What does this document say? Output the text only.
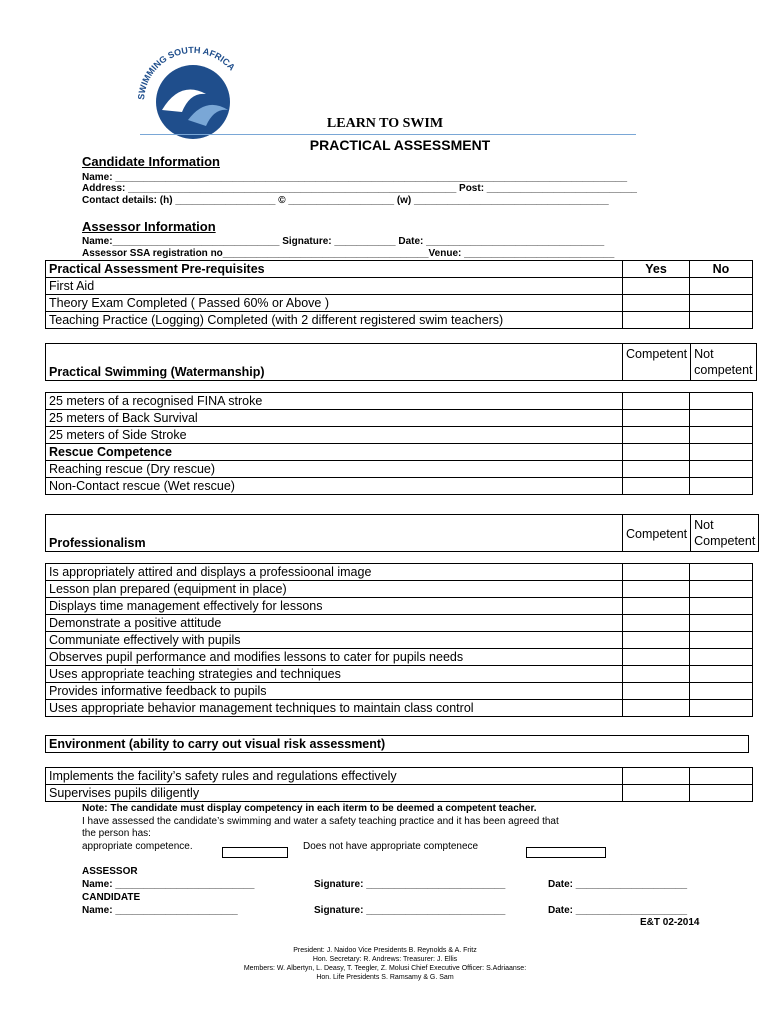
SWIMMING SOUTH AFRICA
LEARN TO SWIM
PRACTICAL ASSESSMENT
Candidate Information
Name: ____________________________________________________________________________________________
Address: ___________________________________________________________ Post: ___________________________
Contact details: (h) __________________ © ___________________ (w) ___________________________________
Assessor Information
Name:______________________________ Signature: ___________ Date: ________________________________
Assessor SSA registration no_____________________________________Venue: ___________________________
Practical Assessment Pre-requisites	Yes	No
First Aid		
Theory Exam Completed ( Passed 60% or Above )		
Teaching Practice (Logging) Completed (with 2 different registered swim teachers)		
Practical Swimming (Watermanship)	Competent	Not competent
25 meters of a recognised FINA stroke		
25 meters of Back Survival		
25 meters of Side Stroke		
Rescue Competence		
Reaching rescue (Dry rescue)		
Non-Contact rescue (Wet rescue)		
Professionalism	Competent	Not Competent
Is appropriately attired and displays a professioonal image		
Lesson plan prepared (equipment in place)		
Displays time management effectively for lessons		
Demonstrate a positive attitude		
Communiate effectively with pupils		
Observes pupil performance and modifies lessons to cater for pupils needs		
Uses appropriate teaching strategies and techniques		
Provides informative feedback to pupils		
Uses appropriate behavior management techniques to maintain class control		
Environment (ability to carry out visual risk assessment)
Implements the facility’s safety rules and regulations effectively		
Supervises pupils diligently		
Note: The candidate must display competency in each iterm to be deemed a competent teacher.
I have assessed the candidate’s swimming and water a safety teaching practice and it has been agreed that
the person has:
appropriate competence.	Does not have appropriate comptenece
ASSESSOR
Name: _________________________	Signature: _________________________	Date: ____________________
CANDIDATE
Name: ______________________	Signature: _________________________	Date: ____________________
E&T 02-2014
President: J. Naidoo Vice Presidents B. Reynolds & A. Fritz
Hon. Secretary: R. Andrews: Treasurer: J. Ellis
Members: W. Albertyn, L. Deasy, T. Teegler, Z. Molusi Chief Executive Officer: S.Adriaanse:
Hon. Life Presidents S. Ramsamy & G. Sam
